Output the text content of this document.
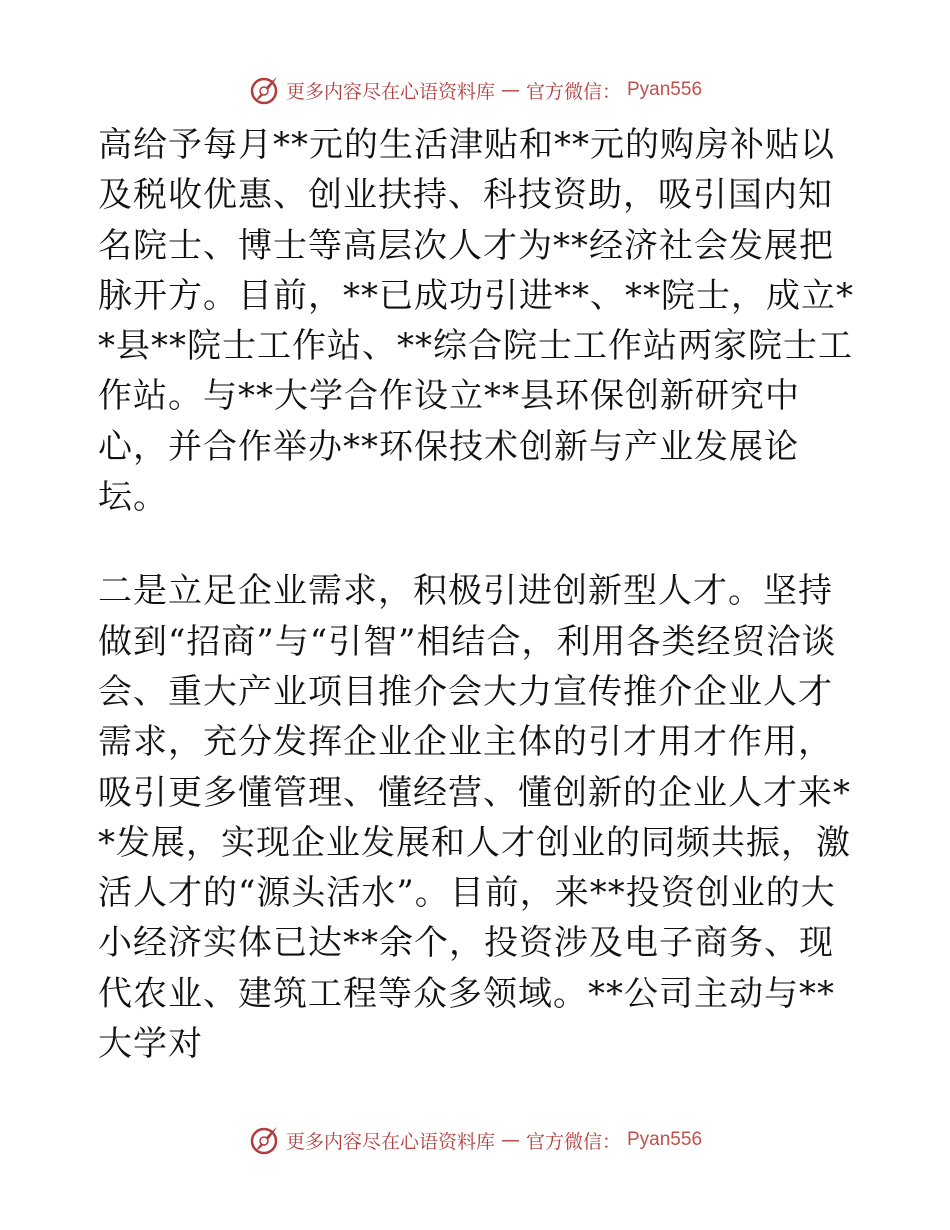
更多内容尽在心语资料库 — 官方微信： Pyan556

高给予每月**元的生活津贴和**元的购房补贴以及税收优惠、创业扶持、科技资助，吸引国内知名院士、博士等高层次人才为**经济社会发展把脉开方。目前，**已成功引进**、**院士，成立**县**院士工作站、**综合院士工作站两家院士工作站。与**大学合作设立**县环保创新研究中心，并合作举办**环保技术创新与产业发展论坛。

二是立足企业需求，积极引进创新型人才。坚持做到“招商”与“引智”相结合，利用各类经贸洽谈会、重大产业项目推介会大力宣传推介企业人才需求，充分发挥企业企业主体的引才用才作用，吸引更多懂管理、懂经营、懂创新的企业人才来**发展，实现企业发展和人才创业的同频共振，激活人才的“源头活水”。目前，来**投资创业的大小经济实体已达**余个，投资涉及电子商务、现代农业、建筑工程等众多领域。**公司主动与**大学对

更多内容尽在心语资料库 — 官方微信： Pyan556
